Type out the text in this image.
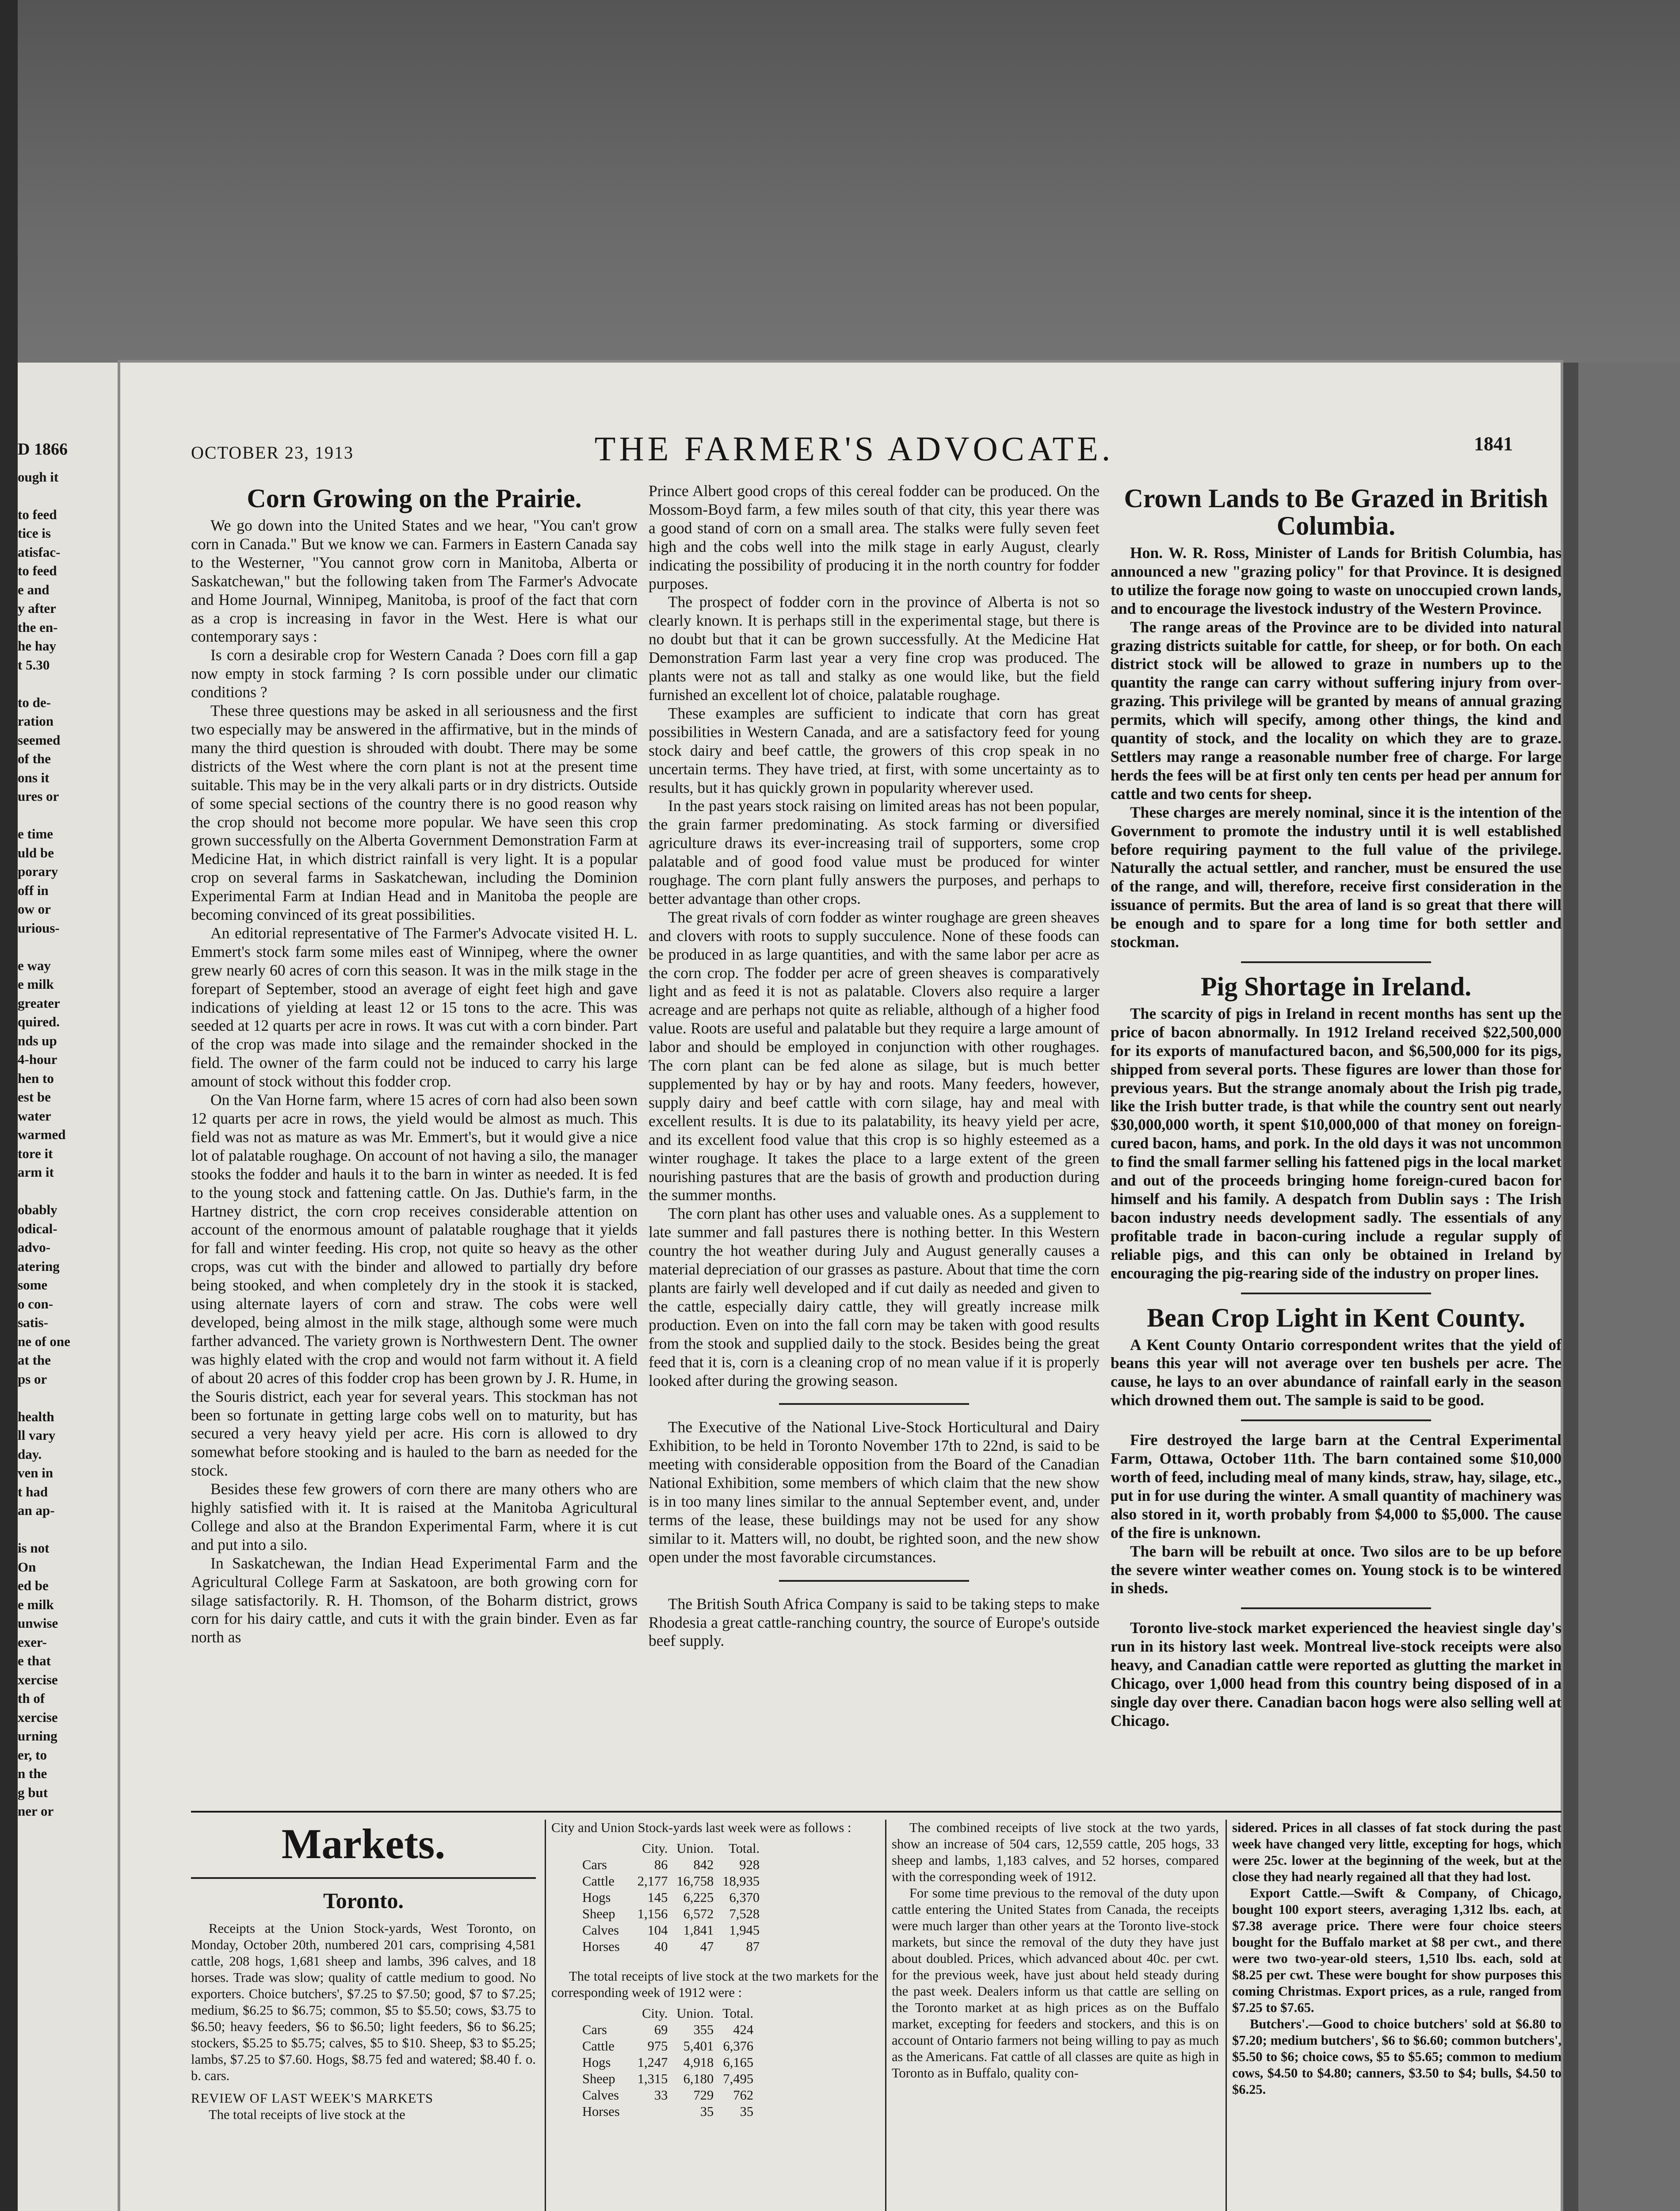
D 1866
ough it
to feed
tice is
atisfac-
to feed
e and
y after
the en-
he hay
t 5.30
to de-
ration
seemed
of the
ons it
ures or
e time
uld be
porary
off in
ow or
urious-
e way
e milk
greater
quired.
nds up
4-hour
hen to
est be
water
warmed
tore it
arm it
obably
odical-
advo-
atering
some
o con-
satis-
ne of one
at the
ps or
health
ll vary
day.
ven in
t had
an ap-
is not
On
ed be
e milk
unwise
exer-
e that
xercise
th of
xercise
urning
er, to
n the
g but
ner or
OCTOBER 23, 1913	THE FARMER'S ADVOCATE.	1841
Corn Growing on the Prairie.

We go down into the United States and we hear, "You can't grow corn in Canada." But we know we can. Farmers in Eastern Canada say to the Westerner, "You cannot grow corn in Manitoba, Alberta or Saskatchewan," but the following taken from The Farmer's Advocate and Home Journal, Winnipeg, Manitoba, is proof of the fact that corn as a crop is increasing in favor in the West. Here is what our contemporary says :

Is corn a desirable crop for Western Canada ? Does corn fill a gap now empty in stock farming ? Is corn possible under our climatic conditions ?

These three questions may be asked in all seriousness and the first two especially may be answered in the affirmative, but in the minds of many the third question is shrouded with doubt. There may be some districts of the West where the corn plant is not at the present time suitable. This may be in the very alkali parts or in dry districts. Outside of some special sections of the country there is no good reason why the crop should not become more popular. We have seen this crop grown successfully on the Alberta Government Demonstration Farm at Medicine Hat, in which district rainfall is very light. It is a popular crop on several farms in Saskatchewan, including the Dominion Experimental Farm at Indian Head and in Manitoba the people are becoming convinced of its great possibilities.

An editorial representative of The Farmer's Advocate visited H. L. Emmert's stock farm some miles east of Winnipeg, where the owner grew nearly 60 acres of corn this season. It was in the milk stage in the forepart of September, stood an average of eight feet high and gave indications of yielding at least 12 or 15 tons to the acre. This was seeded at 12 quarts per acre in rows. It was cut with a corn binder. Part of the crop was made into silage and the remainder shocked in the field. The owner of the farm could not be induced to carry his large amount of stock without this fodder crop.

On the Van Horne farm, where 15 acres of corn had also been sown 12 quarts per acre in rows, the yield would be almost as much. This field was not as mature as was Mr. Emmert's, but it would give a nice lot of palatable roughage. On account of not having a silo, the manager stooks the fodder and hauls it to the barn in winter as needed. It is fed to the young stock and fattening cattle. On Jas. Duthie's farm, in the Hartney district, the corn crop receives considerable attention on account of the enormous amount of palatable roughage that it yields for fall and winter feeding. His crop, not quite so heavy as the other crops, was cut with the binder and allowed to partially dry before being stooked, and when completely dry in the stook it is stacked, using alternate layers of corn and straw. The cobs were well developed, being almost in the milk stage, although some were much farther advanced. The variety grown is Northwestern Dent. The owner was highly elated with the crop and would not farm without it. A field of about 20 acres of this fodder crop has been grown by J. R. Hume, in the Souris district, each year for several years. This stockman has not been so fortunate in getting large cobs well on to maturity, but has secured a very heavy yield per acre. His corn is allowed to dry somewhat before stooking and is hauled to the barn as needed for the stock.

Besides these few growers of corn there are many others who are highly satisfied with it. It is raised at the Manitoba Agricultural College and also at the Brandon Experimental Farm, where it is cut and put into a silo.

In Saskatchewan, the Indian Head Experimental Farm and the Agricultural College Farm at Saskatoon, are both growing corn for silage satisfactorily. R. H. Thomson, of the Boharm district, grows corn for his dairy cattle, and cuts it with the grain binder. Even as far north as

Prince Albert good crops of this cereal fodder can be produced. On the Mossom-Boyd farm, a few miles south of that city, this year there was a good stand of corn on a small area. The stalks were fully seven feet high and the cobs well into the milk stage in early August, clearly indicating the possibility of producing it in the north country for fodder purposes.

The prospect of fodder corn in the province of Alberta is not so clearly known. It is perhaps still in the experimental stage, but there is no doubt but that it can be grown successfully. At the Medicine Hat Demonstration Farm last year a very fine crop was produced. The plants were not as tall and stalky as one would like, but the field furnished an excellent lot of choice, palatable roughage.

These examples are sufficient to indicate that corn has great possibilities in Western Canada, and are a satisfactory feed for young stock dairy and beef cattle, the growers of this crop speak in no uncertain terms. They have tried, at first, with some uncertainty as to results, but it has quickly grown in popularity wherever used.

In the past years stock raising on limited areas has not been popular, the grain farmer predominating. As stock farming or diversified agriculture draws its ever-increasing trail of supporters, some crop palatable and of good food value must be produced for winter roughage. The corn plant fully answers the purposes, and perhaps to better advantage than other crops.

The great rivals of corn fodder as winter roughage are green sheaves and clovers with roots to supply succulence. None of these foods can be produced in as large quantities, and with the same labor per acre as the corn crop. The fodder per acre of green sheaves is comparatively light and as feed it is not as palatable. Clovers also require a larger acreage and are perhaps not quite as reliable, although of a higher food value. Roots are useful and palatable but they require a large amount of labor and should be employed in conjunction with other roughages. The corn plant can be fed alone as silage, but is much better supplemented by hay or by hay and roots. Many feeders, however, supply dairy and beef cattle with corn silage, hay and meal with excellent results. It is due to its palatability, its heavy yield per acre, and its excellent food value that this crop is so highly esteemed as a winter roughage. It takes the place to a large extent of the green nourishing pastures that are the basis of growth and production during the summer months.

The corn plant has other uses and valuable ones. As a supplement to late summer and fall pastures there is nothing better. In this Western country the hot weather during July and August generally causes a material depreciation of our grasses as pasture. About that time the corn plants are fairly well developed and if cut daily as needed and given to the cattle, especially dairy cattle, they will greatly increase milk production. Even on into the fall corn may be taken with good results from the stook and supplied daily to the stock. Besides being the great feed that it is, corn is a cleaning crop of no mean value if it is properly looked after during the growing season.

The Executive of the National Live-Stock Horticultural and Dairy Exhibition, to be held in Toronto November 17th to 22nd, is said to be meeting with considerable opposition from the Board of the Canadian National Exhibition, some members of which claim that the new show is in too many lines similar to the annual September event, and, under terms of the lease, these buildings may not be used for any show similar to it. Matters will, no doubt, be righted soon, and the new show open under the most favorable circumstances.

The British South Africa Company is said to be taking steps to make Rhodesia a great cattle-ranching country, the source of Europe's outside beef supply.

Crown Lands to Be Grazed in British Columbia.

Hon. W. R. Ross, Minister of Lands for British Columbia, has announced a new "grazing policy" for that Province. It is designed to utilize the forage now going to waste on unoccupied crown lands, and to encourage the livestock industry of the Western Province.

The range areas of the Province are to be divided into natural grazing districts suitable for cattle, for sheep, or for both. On each district stock will be allowed to graze in numbers up to the quantity the range can carry without suffering injury from over-grazing. This privilege will be granted by means of annual grazing permits, which will specify, among other things, the kind and quantity of stock, and the locality on which they are to graze. Settlers may range a reasonable number free of charge. For large herds the fees will be at first only ten cents per head per annum for cattle and two cents for sheep.

These charges are merely nominal, since it is the intention of the Government to promote the industry until it is well established before requiring payment to the full value of the privilege. Naturally the actual settler, and rancher, must be ensured the use of the range, and will, therefore, receive first consideration in the issuance of permits. But the area of land is so great that there will be enough and to spare for a long time for both settler and stockman.

Pig Shortage in Ireland.

The scarcity of pigs in Ireland in recent months has sent up the price of bacon abnormally. In 1912 Ireland received $22,500,000 for its exports of manufactured bacon, and $6,500,000 for its pigs, shipped from several ports. These figures are lower than those for previous years. But the strange anomaly about the Irish pig trade, like the Irish butter trade, is that while the country sent out nearly $30,000,000 worth, it spent $10,000,000 of that money on foreign-cured bacon, hams, and pork. In the old days it was not uncommon to find the small farmer selling his fattened pigs in the local market and out of the proceeds bringing home foreign-cured bacon for himself and his family. A despatch from Dublin says : The Irish bacon industry needs development sadly. The essentials of any profitable trade in bacon-curing include a regular supply of reliable pigs, and this can only be obtained in Ireland by encouraging the pig-rearing side of the industry on proper lines.

Bean Crop Light in Kent County.

A Kent County Ontario correspondent writes that the yield of beans this year will not average over ten bushels per acre. The cause, he lays to an over abundance of rainfall early in the season which drowned them out. The sample is said to be good.

Fire destroyed the large barn at the Central Experimental Farm, Ottawa, October 11th. The barn contained some $10,000 worth of feed, including meal of many kinds, straw, hay, silage, etc., put in for use during the winter. A small quantity of machinery was also stored in it, worth probably from $4,000 to $5,000. The cause of the fire is unknown.

The barn will be rebuilt at once. Two silos are to be up before the severe winter weather comes on. Young stock is to be wintered in sheds.

Toronto live-stock market experienced the heaviest single day's run in its history last week. Montreal live-stock receipts were also heavy, and Canadian cattle were reported as glutting the market in Chicago, over 1,000 head from this country being disposed of in a single day over there. Canadian bacon hogs were also selling well at Chicago.

Markets.
Toronto.

Receipts at the Union Stock-yards, West Toronto, on Monday, October 20th, numbered 201 cars, comprising 4,581 cattle, 208 hogs, 1,681 sheep and lambs, 396 calves, and 18 horses. Trade was slow; quality of cattle medium to good. No exporters. Choice butchers', $7.25 to $7.50; good, $7 to $7.25; medium, $6.25 to $6.75; common, $5 to $5.50; cows, $3.75 to $6.50; heavy feeders, $6 to $6.50; light feeders, $6 to $6.25; stockers, $5.25 to $5.75; calves, $5 to $10. Sheep, $3 to $5.25; lambs, $7.25 to $7.60. Hogs, $8.75 fed and watered; $8.40 f. o. b. cars.

REVIEW OF LAST WEEK'S MARKETS

The total receipts of live stock at the

City and Union Stock-yards last week were as follows :

	City.	Union.	Total.
Cars	86	842	928
Cattle	2,177	16,758	18,935
Hogs	145	6,225	6,370
Sheep	1,156	6,572	7,528
Calves	104	1,841	1,945
Horses	40	47	87

The total receipts of live stock at the two markets for the corresponding week of 1912 were :

	City.	Union.	Total.
Cars	69	355	424
Cattle	975	5,401	6,376
Hogs	1,247	4,918	6,165
Sheep	1,315	6,180	7,495
Calves	33	729	762
Horses		35	35

The combined receipts of live stock at the two yards, show an increase of 504 cars, 12,559 cattle, 205 hogs, 33 sheep and lambs, 1,183 calves, and 52 horses, compared with the corresponding week of 1912.

For some time previous to the removal of the duty upon cattle entering the United States from Canada, the receipts were much larger than other years at the Toronto live-stock markets, but since the removal of the duty they have just about doubled. Prices, which advanced about 40c. per cwt. for the previous week, have just about held steady during the past week. Dealers inform us that cattle are selling on the Toronto market at as high prices as on the Buffalo market, excepting for feeders and stockers, and this is on account of Ontario farmers not being willing to pay as much as the Americans. Fat cattle of all classes are quite as high in Toronto as in Buffalo, quality con-

sidered. Prices in all classes of fat stock during the past week have changed very little, excepting for hogs, which were 25c. lower at the beginning of the week, but at the close they had nearly regained all that they had lost.

Export Cattle.—Swift & Company, of Chicago, bought 100 export steers, averaging 1,312 lbs. each, at $7.38 average price. There were four choice steers bought for the Buffalo market at $8 per cwt., and there were two two-year-old steers, 1,510 lbs. each, sold at $8.25 per cwt. These were bought for show purposes this coming Christmas. Export prices, as a rule, ranged from $7.25 to $7.65.

Butchers'.—Good to choice butchers' sold at $6.80 to $7.20; medium butchers', $6 to $6.60; common butchers', $5.50 to $6; choice cows, $5 to $5.65; common to medium cows, $4.50 to $4.80; canners, $3.50 to $4; bulls, $4.50 to $6.25.
